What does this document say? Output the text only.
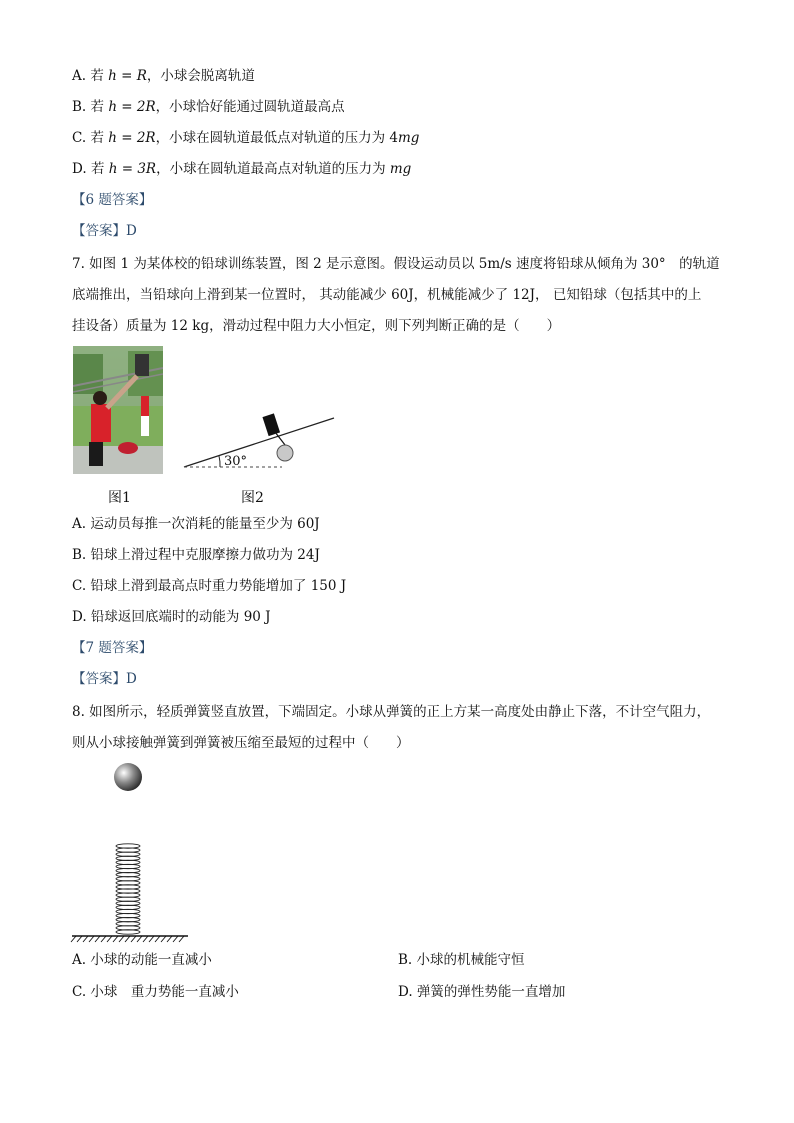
A. 若 h = R，小球会脱离轨道
B. 若 h = 2R，小球恰好能通过圆轨道最高点
C. 若 h = 2R，小球在圆轨道最低点对轨道的压力为 4mg
D. 若 h = 3R，小球在圆轨道最高点对轨道的压力为 mg
【6 题答案】
【答案】D
7. 如图 1 为某体校的铅球训练装置，图 2 是示意图。假设运动员以 5m/s 速度将铅球从倾角为 30°　的轨道
底端推出，当铅球向上滑到某一位置时， 其动能减少 60J，机械能减少了 12J， 已知铅球（包括其中的上
挂设备）质量为 12 kg，滑动过程中阻力大小恒定，则下列判断正确的是（　　）
图1
30°
图2
A. 运动员每推一次消耗的能量至少为 60J
B. 铅球上滑过程中克服摩擦力做功为 24J
C. 铅球上滑到最高点时重力势能增加了 150 J
D. 铅球返回底端时的动能为 90 J
【7 题答案】
【答案】D
8. 如图所示，轻质弹簧竖直放置，下端固定。小球从弹簧的正上方某一高度处由静止下落，不计空气阻力，
则从小球接触弹簧到弹簧被压缩至最短的过程中（　　）
A. 小球的动能一直减小	B. 小球的机械能守恒
C. 小球　重力势能一直减小	D. 弹簧的弹性势能一直增加
